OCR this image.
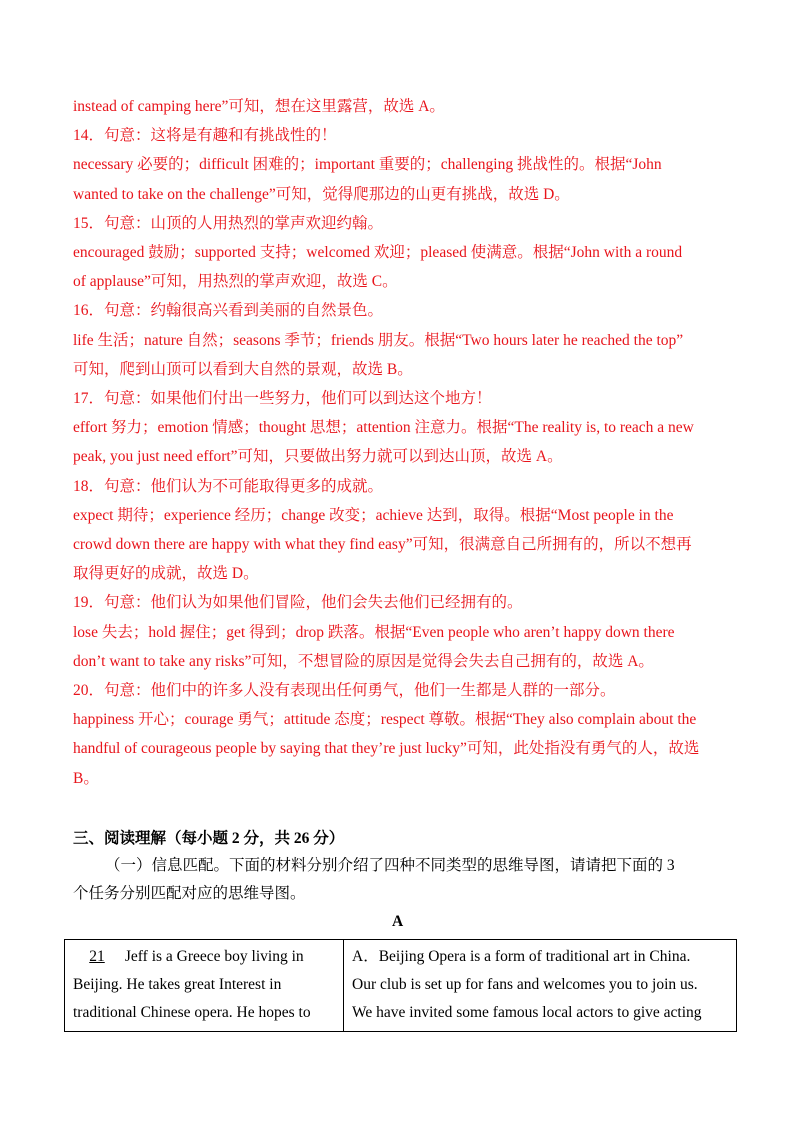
instead of camping here”可知，想在这里露营，故选 A。
14．句意：这将是有趣和有挑战性的！
necessary 必要的；difficult 困难的；important 重要的；challenging 挑战性的。根据“John
wanted to take on the challenge”可知，觉得爬那边的山更有挑战，故选 D。
15．句意：山顶的人用热烈的掌声欢迎约翰。
encouraged 鼓励；supported 支持；welcomed 欢迎；pleased 使满意。根据“John with a round
of applause”可知，用热烈的掌声欢迎，故选 C。
16．句意：约翰很高兴看到美丽的自然景色。
life 生活；nature 自然；seasons 季节；friends 朋友。根据“Two hours later he reached the top”
可知，爬到山顶可以看到大自然的景观，故选 B。
17．句意：如果他们付出一些努力，他们可以到达这个地方！
effort 努力；emotion 情感；thought 思想；attention 注意力。根据“The reality is, to reach a new
peak, you just need effort”可知，只要做出努力就可以到达山顶，故选 A。
18．句意：他们认为不可能取得更多的成就。
expect 期待；experience 经历；change 改变；achieve 达到，取得。根据“Most people in the
crowd down there are happy with what they find easy”可知，很满意自己所拥有的，所以不想再
取得更好的成就，故选 D。
19．句意：他们认为如果他们冒险，他们会失去他们已经拥有的。
lose 失去；hold 握住；get 得到；drop 跌落。根据“Even people who aren’t happy down there
don’t want to take any risks”可知，不想冒险的原因是觉得会失去自己拥有的，故选 A。
20．句意：他们中的许多人没有表现出任何勇气，他们一生都是人群的一部分。
happiness 开心；courage 勇气；attitude 态度；respect 尊敬。根据“They also complain about the
handful of courageous people by saying that they’re just lucky”可知，此处指没有勇气的人，故选
B。
三、阅读理解（每小题 2 分，共 26 分）
（一）信息匹配。下面的材料分别介绍了四种不同类型的思维导图，请请把下面的 3
个任务分别匹配对应的思维导图。
A
21 Jeff is a Greece boy living in
Beijing. He takes great Interest in
traditional Chinese opera. He hopes to

A．Beijing Opera is a form of traditional art in China.
Our club is set up for fans and welcomes you to join us.
We have invited some famous local actors to give acting
